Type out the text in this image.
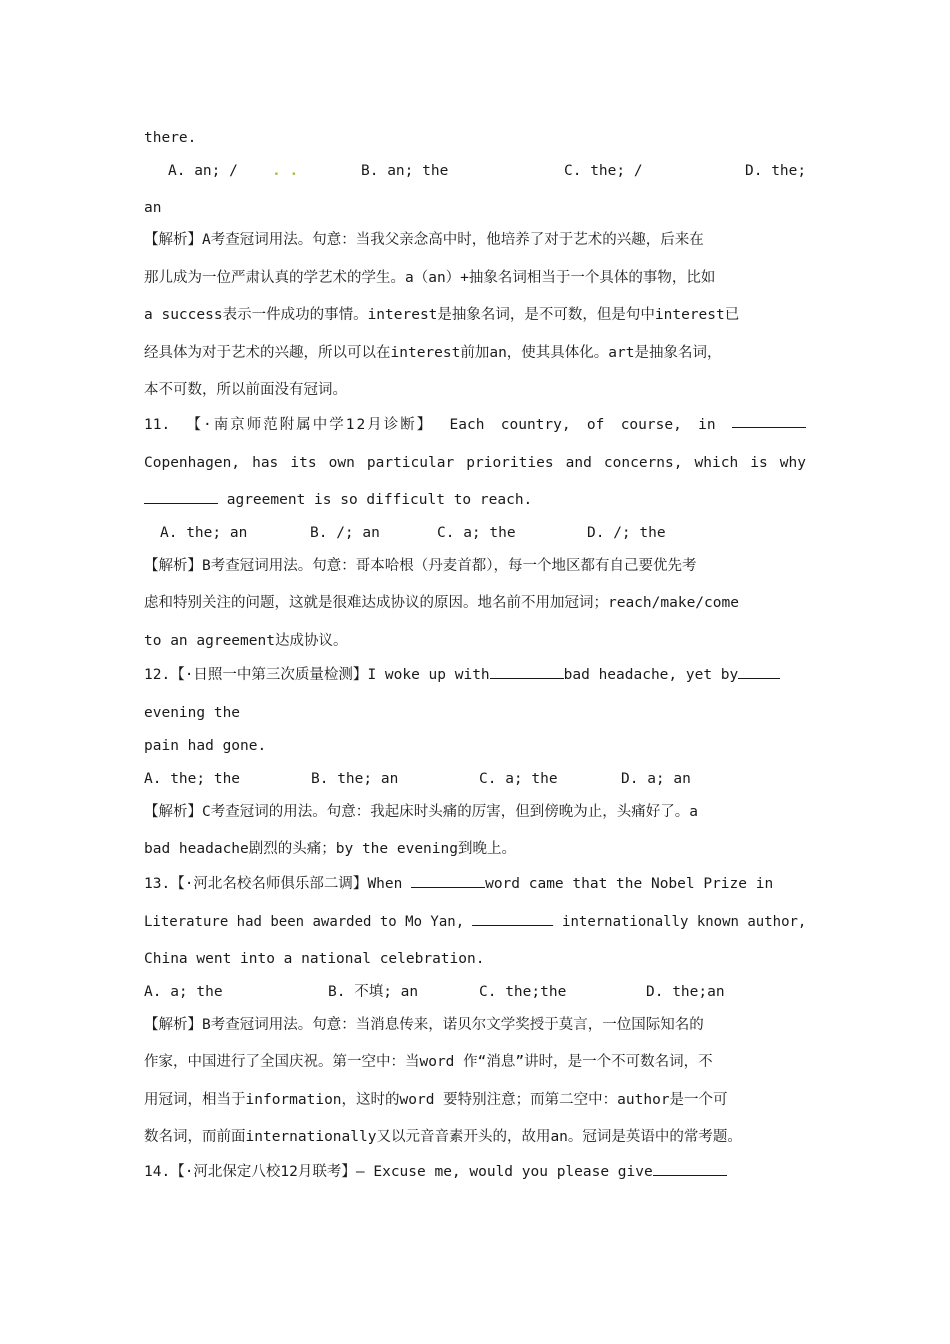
there.
A. an; / . .	B. an; the	C. the; /	D. the;
an
【解析】A考查冠词用法。句意：当我父亲念高中时，他培养了对于艺术的兴趣，后来在
那儿成为一位严肃认真的学艺术的学生。a（an）+抽象名词相当于一个具体的事物，比如
a success表示一件成功的事情。interest是抽象名词，是不可数，但是句中interest已
经具体为对于艺术的兴趣，所以可以在interest前加an，使其具体化。art是抽象名词，
本不可数，所以前面没有冠词。
11. 【·南京师范附属中学12月诊断】 Each country, of course, in
Copenhagen, has its own particular priorities and concerns, which is why
agreement is so difficult to reach.
A. the; an	B. /; an	C. a; the	D. /; the
【解析】B考查冠词用法。句意：哥本哈根（丹麦首都），每一个地区都有自己要优先考
虑和特别关注的问题，这就是很难达成协议的原因。地名前不用加冠词；reach/make/come
to an agreement达成协议。
12.【·日照一中第三次质量检测】I woke up with	bad headache, yet by
evening the
pain had gone.
A. the; the	B. the; an	C. a; the	D. a; an
【解析】C考查冠词的用法。句意：我起床时头痛的厉害，但到傍晚为止，头痛好了。a
bad headache剧烈的头痛；by the evening到晚上。
13.【·河北名校名师俱乐部二调】When	word came that the Nobel Prize in
Literature had been awarded to Mo Yan,	internationally known author,
China went into a national celebration.
A. a; the	B. 不填; an	C. the;the	D. the;an
【解析】B考查冠词用法。句意：当消息传来，诺贝尔文学奖授于莫言，一位国际知名的
作家，中国进行了全国庆祝。第一空中：当word 作“消息”讲时，是一个不可数名词，不
用冠词，相当于information，这时的word 要特别注意；而第二空中：author是一个可
数名词，而前面internationally又以元音音素开头的，故用an。冠词是英语中的常考题。
14.【·河北保定八校12月联考】— Excuse me, would you please give
